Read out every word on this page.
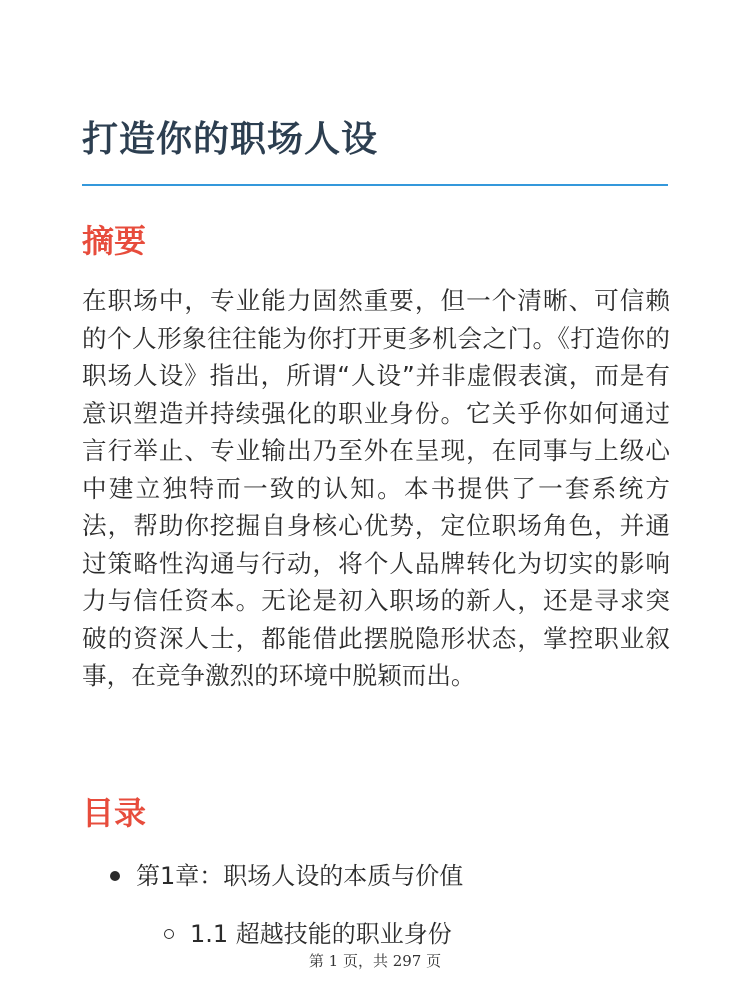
打造你的职场人设
摘要

在职场中，专业能力固然重要，但一个清晰、可信赖的个人形象往往能为你打开更多机会之门。《打造你的职场人设》指出，所谓“人设”并非虚假表演，而是有意识塑造并持续强化的职业身份。它关乎你如何通过言行举止、专业输出乃至外在呈现，在同事与上级心中建立独特而一致的认知。本书提供了一套系统方法，帮助你挖掘自身核心优势，定位职场角色，并通过策略性沟通与行动，将个人品牌转化为切实的影响力与信任资本。无论是初入职场的新人，还是寻求突破的资深人士，都能借此摆脱隐形状态，掌控职业叙事，在竞争激烈的环境中脱颖而出。

目录
第1章：职场人设的本质与价值
1.1 超越技能的职业身份
第 1 页，共 297 页
